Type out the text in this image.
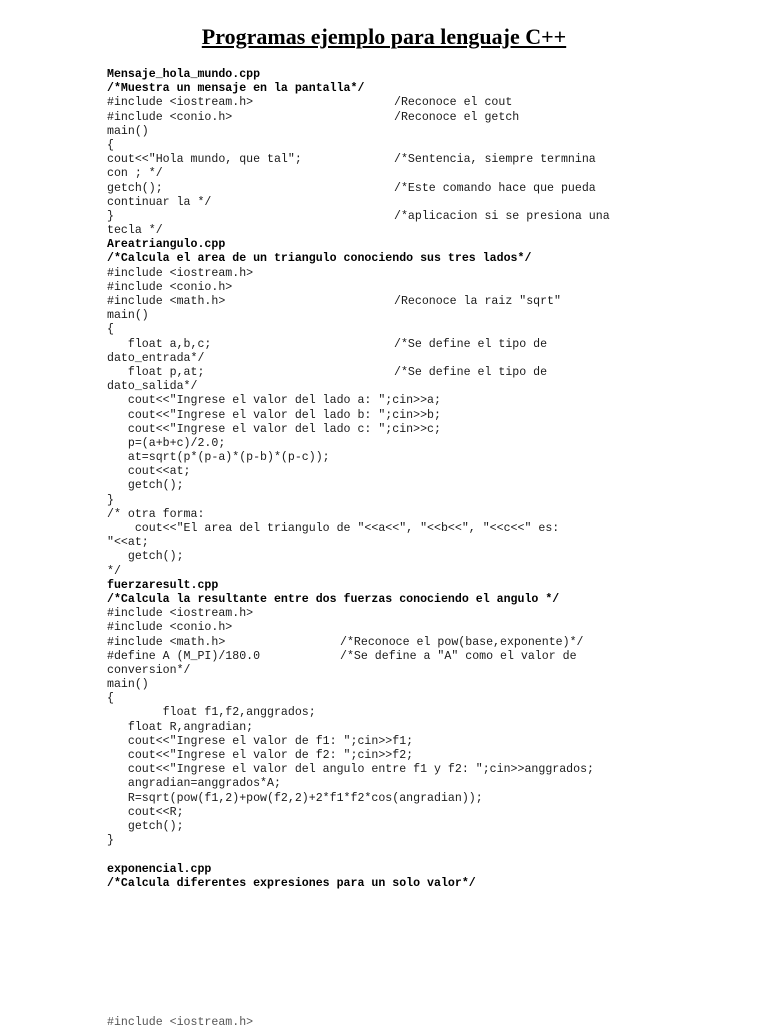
Programas ejemplo para lenguaje C++
Mensaje_hola_mundo.cpp
/*Muestra un mensaje en la pantalla*/
#include <iostream.h>	/Reconoce el cout
#include <conio.h>	/Reconoce el getch
main()
{
cout<<"Hola mundo, que tal";	/*Sentencia, siempre termnina
con ; */
getch();	/*Este comando hace que pueda
continuar la */
}	/*aplicacion si se presiona una
tecla */
Areatriangulo.cpp
/*Calcula el area de un triangulo conociendo sus tres lados*/
#include <iostream.h>
#include <conio.h>
#include <math.h>	/Reconoce la raiz "sqrt"
main()
{
float a,b,c;	/*Se define el tipo de
dato_entrada*/
float p,at;	/*Se define el tipo de
dato_salida*/
cout<<"Ingrese el valor del lado a: ";cin>>a;
cout<<"Ingrese el valor del lado b: ";cin>>b;
cout<<"Ingrese el valor del lado c: ";cin>>c;
p=(a+b+c)/2.0;
at=sqrt(p*(p-a)*(p-b)*(p-c));
cout<<at;
getch();
}
/* otra forma:
cout<<"El area del triangulo de "<<a<<", "<<b<<", "<<c<<" es:
"<<at;
getch();
*/
fuerzaresult.cpp
/*Calcula la resultante entre dos fuerzas conociendo el angulo */
#include <iostream.h>
#include <conio.h>
#include <math.h>	/*Reconoce el pow(base,exponente)*/
#define A (M_PI)/180.0	/*Se define a "A" como el valor de
conversion*/
main()
{
float f1,f2,anggrados;
float R,angradian;
cout<<"Ingrese el valor de f1: ";cin>>f1;
cout<<"Ingrese el valor de f2: ";cin>>f2;
cout<<"Ingrese el valor del angulo entre f1 y f2: ";cin>>anggrados;
angradian=anggrados*A;
R=sqrt(pow(f1,2)+pow(f2,2)+2*f1*f2*cos(angradian));
cout<<R;
getch();
}
exponencial.cpp
/*Calcula diferentes expresiones para un solo valor*/
#include <iostream.h>
